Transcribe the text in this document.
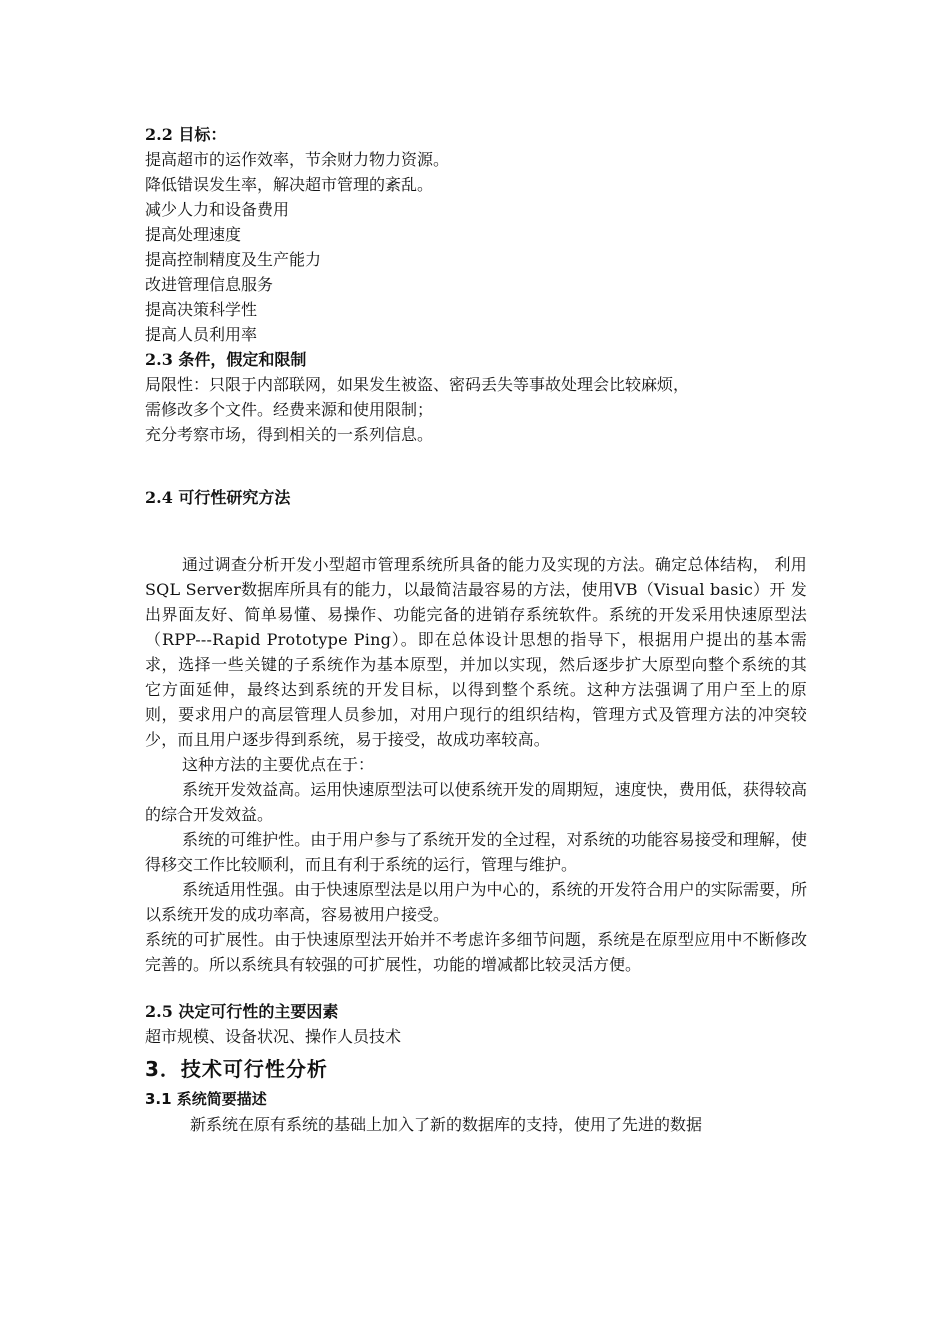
2.2 目标：

提高超市的运作效率，节余财力物力资源。

降低错误发生率，解决超市管理的紊乱。

减少人力和设备费用

提高处理速度

提高控制精度及生产能力

改进管理信息服务

提高决策科学性

提高人员利用率

2.3 条件，假定和限制

局限性：只限于内部联网，如果发生被盗、密码丢失等事故处理会比较麻烦，

需修改多个文件。经费来源和使用限制；

充分考察市场，得到相关的一系列信息。

2.4 可行性研究方法

通过调查分析开发小型超市管理系统所具备的能力及实现的方法。确定总体结构， 利用SQL Server数据库所具有的能力，以最简洁最容易的方法，使用VB（Visual basic）开 发出界面友好、简单易懂、易操作、功能完备的进销存系统软件。系统的开发采用快速原型法（RPP---Rapid Prototype Ping）。即在总体设计思想的指导下，根据用户提出的基本需求，选择一些关键的子系统作为基本原型，并加以实现，然后逐步扩大原型向整个系统的其它方面延伸，最终达到系统的开发目标，以得到整个系统。这种方法强调了用户至上的原则，要求用户的高层管理人员参加，对用户现行的组织结构，管理方式及管理方法的冲突较少，而且用户逐步得到系统，易于接受，故成功率较高。

这种方法的主要优点在于：

系统开发效益高。运用快速原型法可以使系统开发的周期短，速度快，费用低，获得较高的综合开发效益。

系统的可维护性。由于用户参与了系统开发的全过程，对系统的功能容易接受和理解，使得移交工作比较顺利，而且有利于系统的运行，管理与维护。

系统适用性强。由于快速原型法是以用户为中心的，系统的开发符合用户的实际需要，所以系统开发的成功率高，容易被用户接受。

系统的可扩展性。由于快速原型法开始并不考虑许多细节问题，系统是在原型应用中不断修改完善的。所以系统具有较强的可扩展性，功能的增减都比较灵活方便。

2.5 决定可行性的主要因素

超市规模、设备状况、操作人员技术

3．技术可行性分析

3.1 系统简要描述

新系统在原有系统的基础上加入了新的数据库的支持，使用了先进的数据
